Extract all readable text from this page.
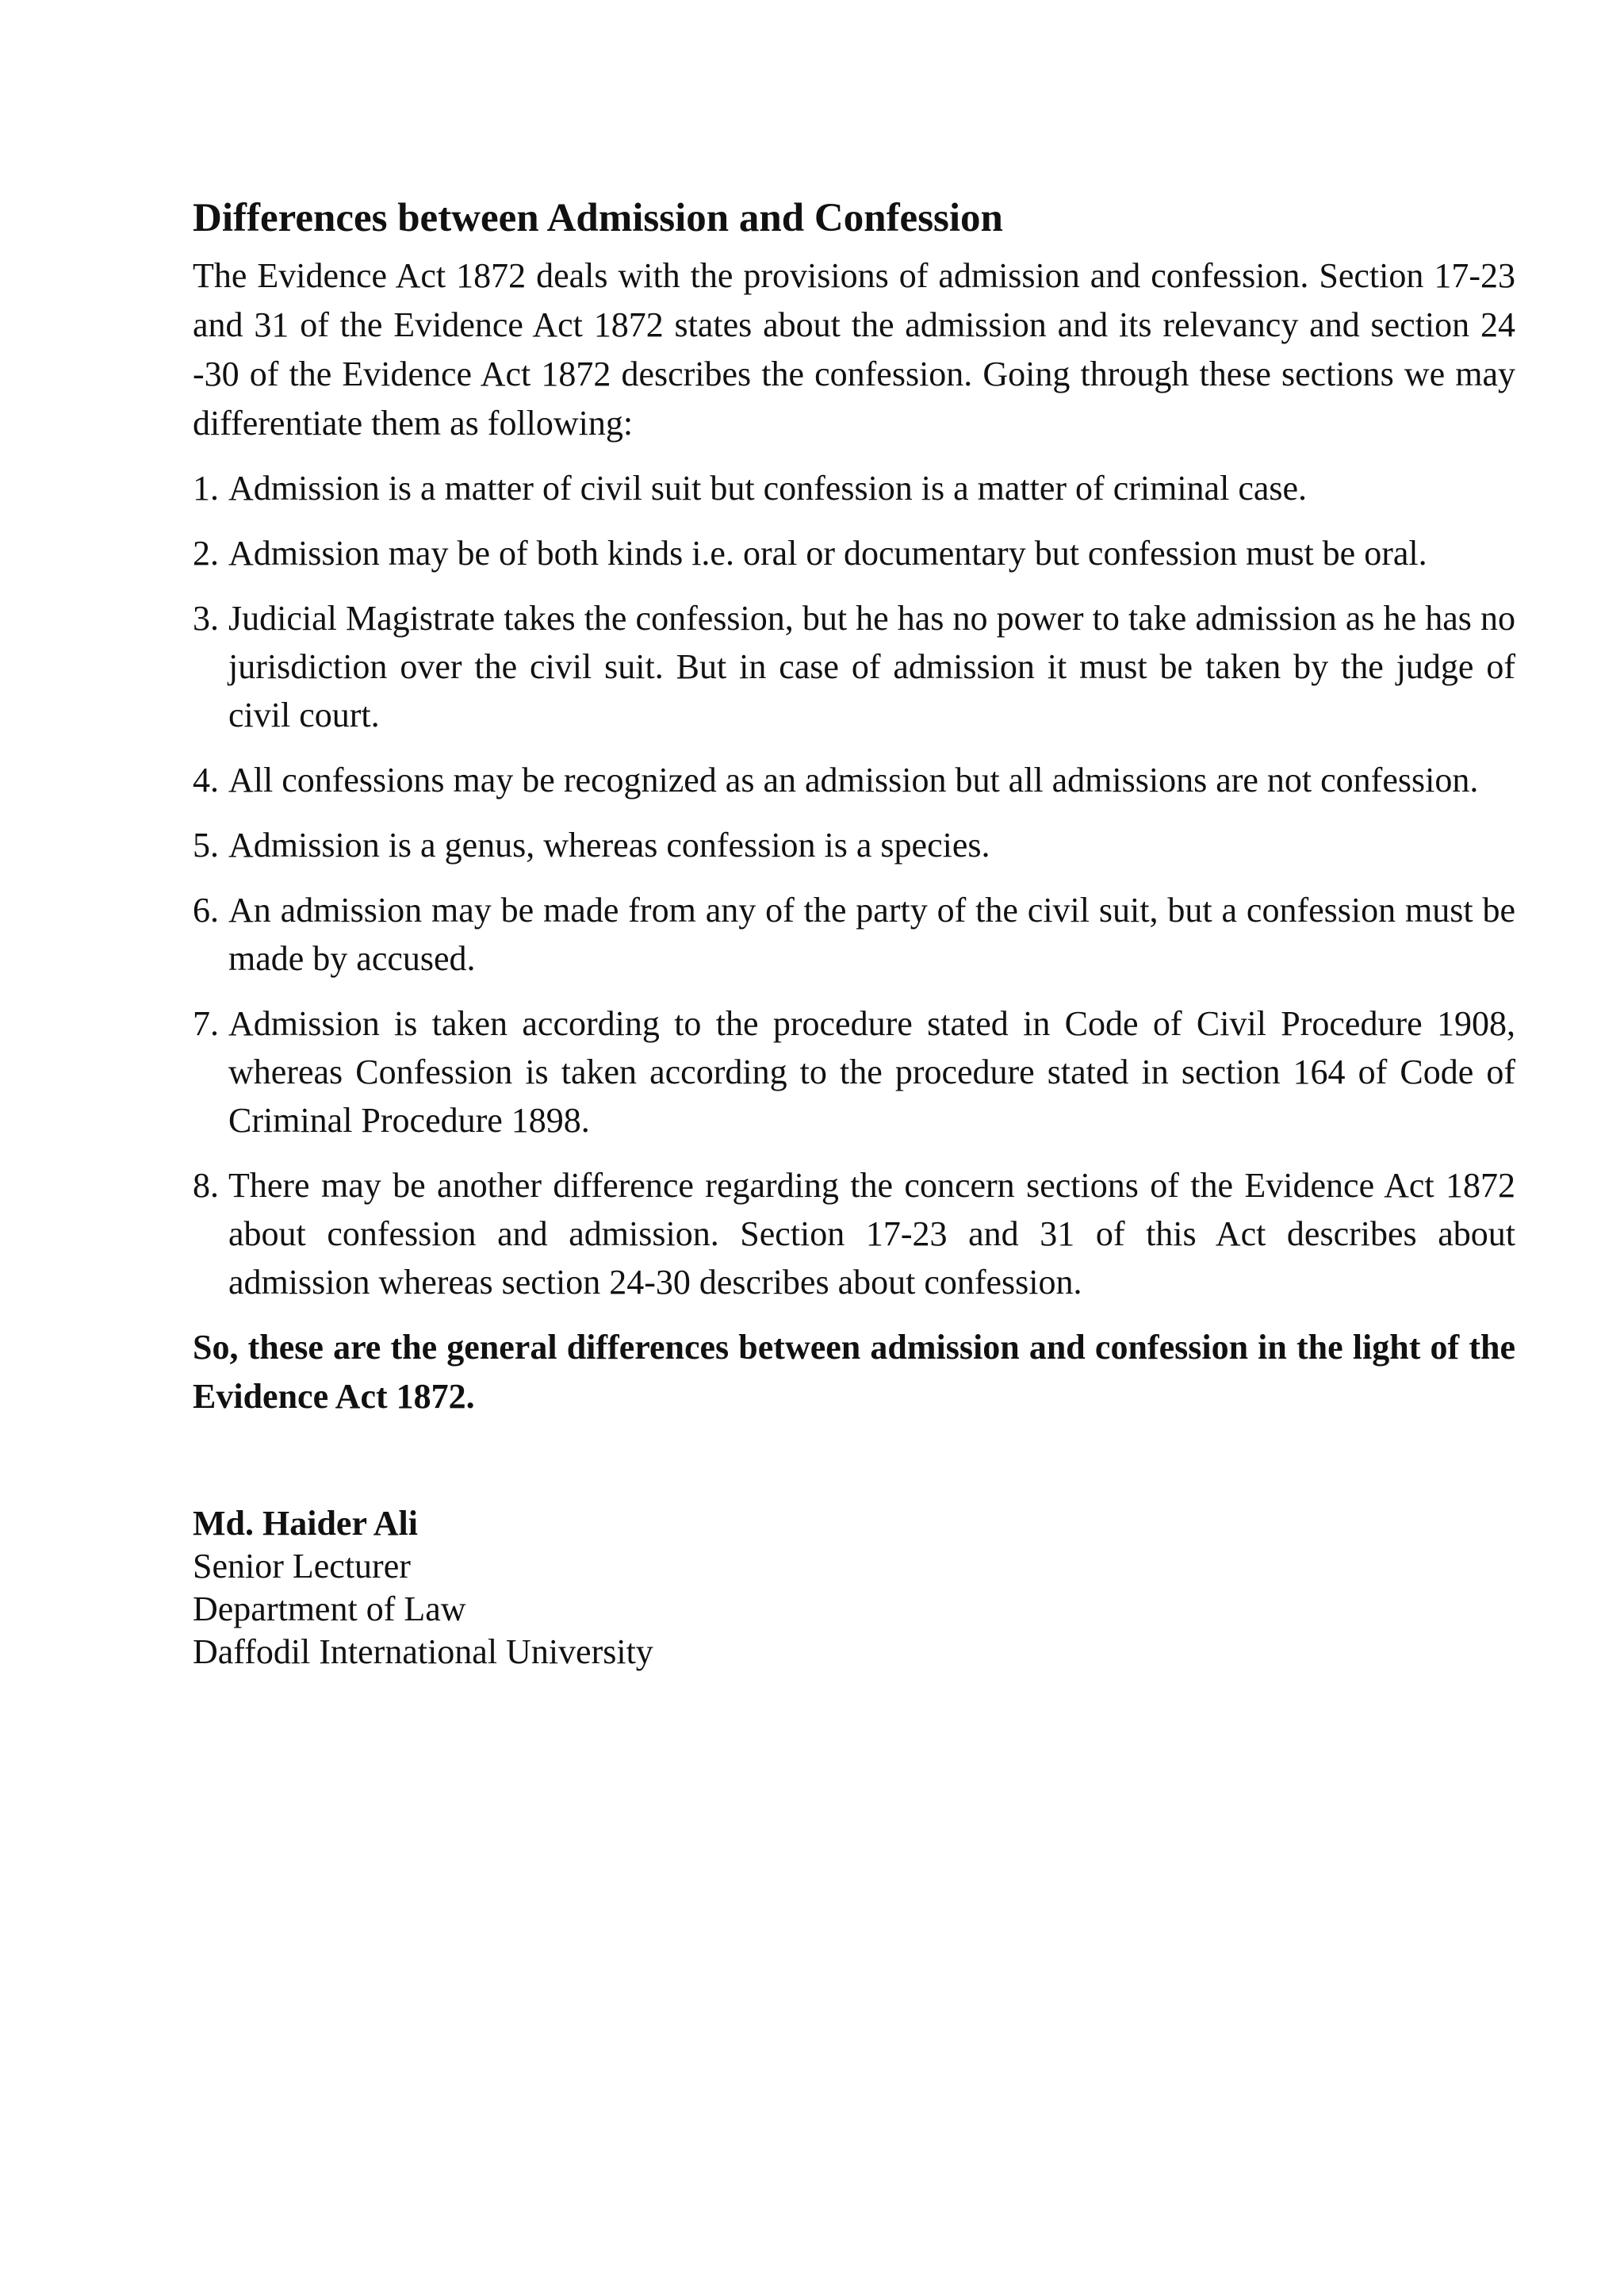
Differences between Admission and Confession

The Evidence Act 1872 deals with the provisions of admission and confession. Section 17-23 and 31 of the Evidence Act 1872 states about the admission and its relevancy and section 24 -30 of the Evidence Act 1872 describes the confession. Going through these sections we may differentiate them as following:

1. Admission is a matter of civil suit but confession is a matter of criminal case.
2. Admission may be of both kinds i.e. oral or documentary but confession must be oral.
3. Judicial Magistrate takes the confession, but he has no power to take admission as he has no jurisdiction over the civil suit. But in case of admission it must be taken by the judge of civil court.
4. All confessions may be recognized as an admission but all admissions are not confession.
5. Admission is a genus, whereas confession is a species.
6. An admission may be made from any of the party of the civil suit, but a confession must be made by accused.
7. Admission is taken according to the procedure stated in Code of Civil Procedure 1908, whereas Confession is taken according to the procedure stated in section 164 of Code of Criminal Procedure 1898.
8. There may be another difference regarding the concern sections of the Evidence Act 1872 about confession and admission. Section 17-23 and 31 of this Act describes about admission whereas section 24-30 describes about confession.

So, these are the general differences between admission and confession in the light of the Evidence Act 1872.

Md. Haider Ali
Senior Lecturer
Department of Law
Daffodil International University
